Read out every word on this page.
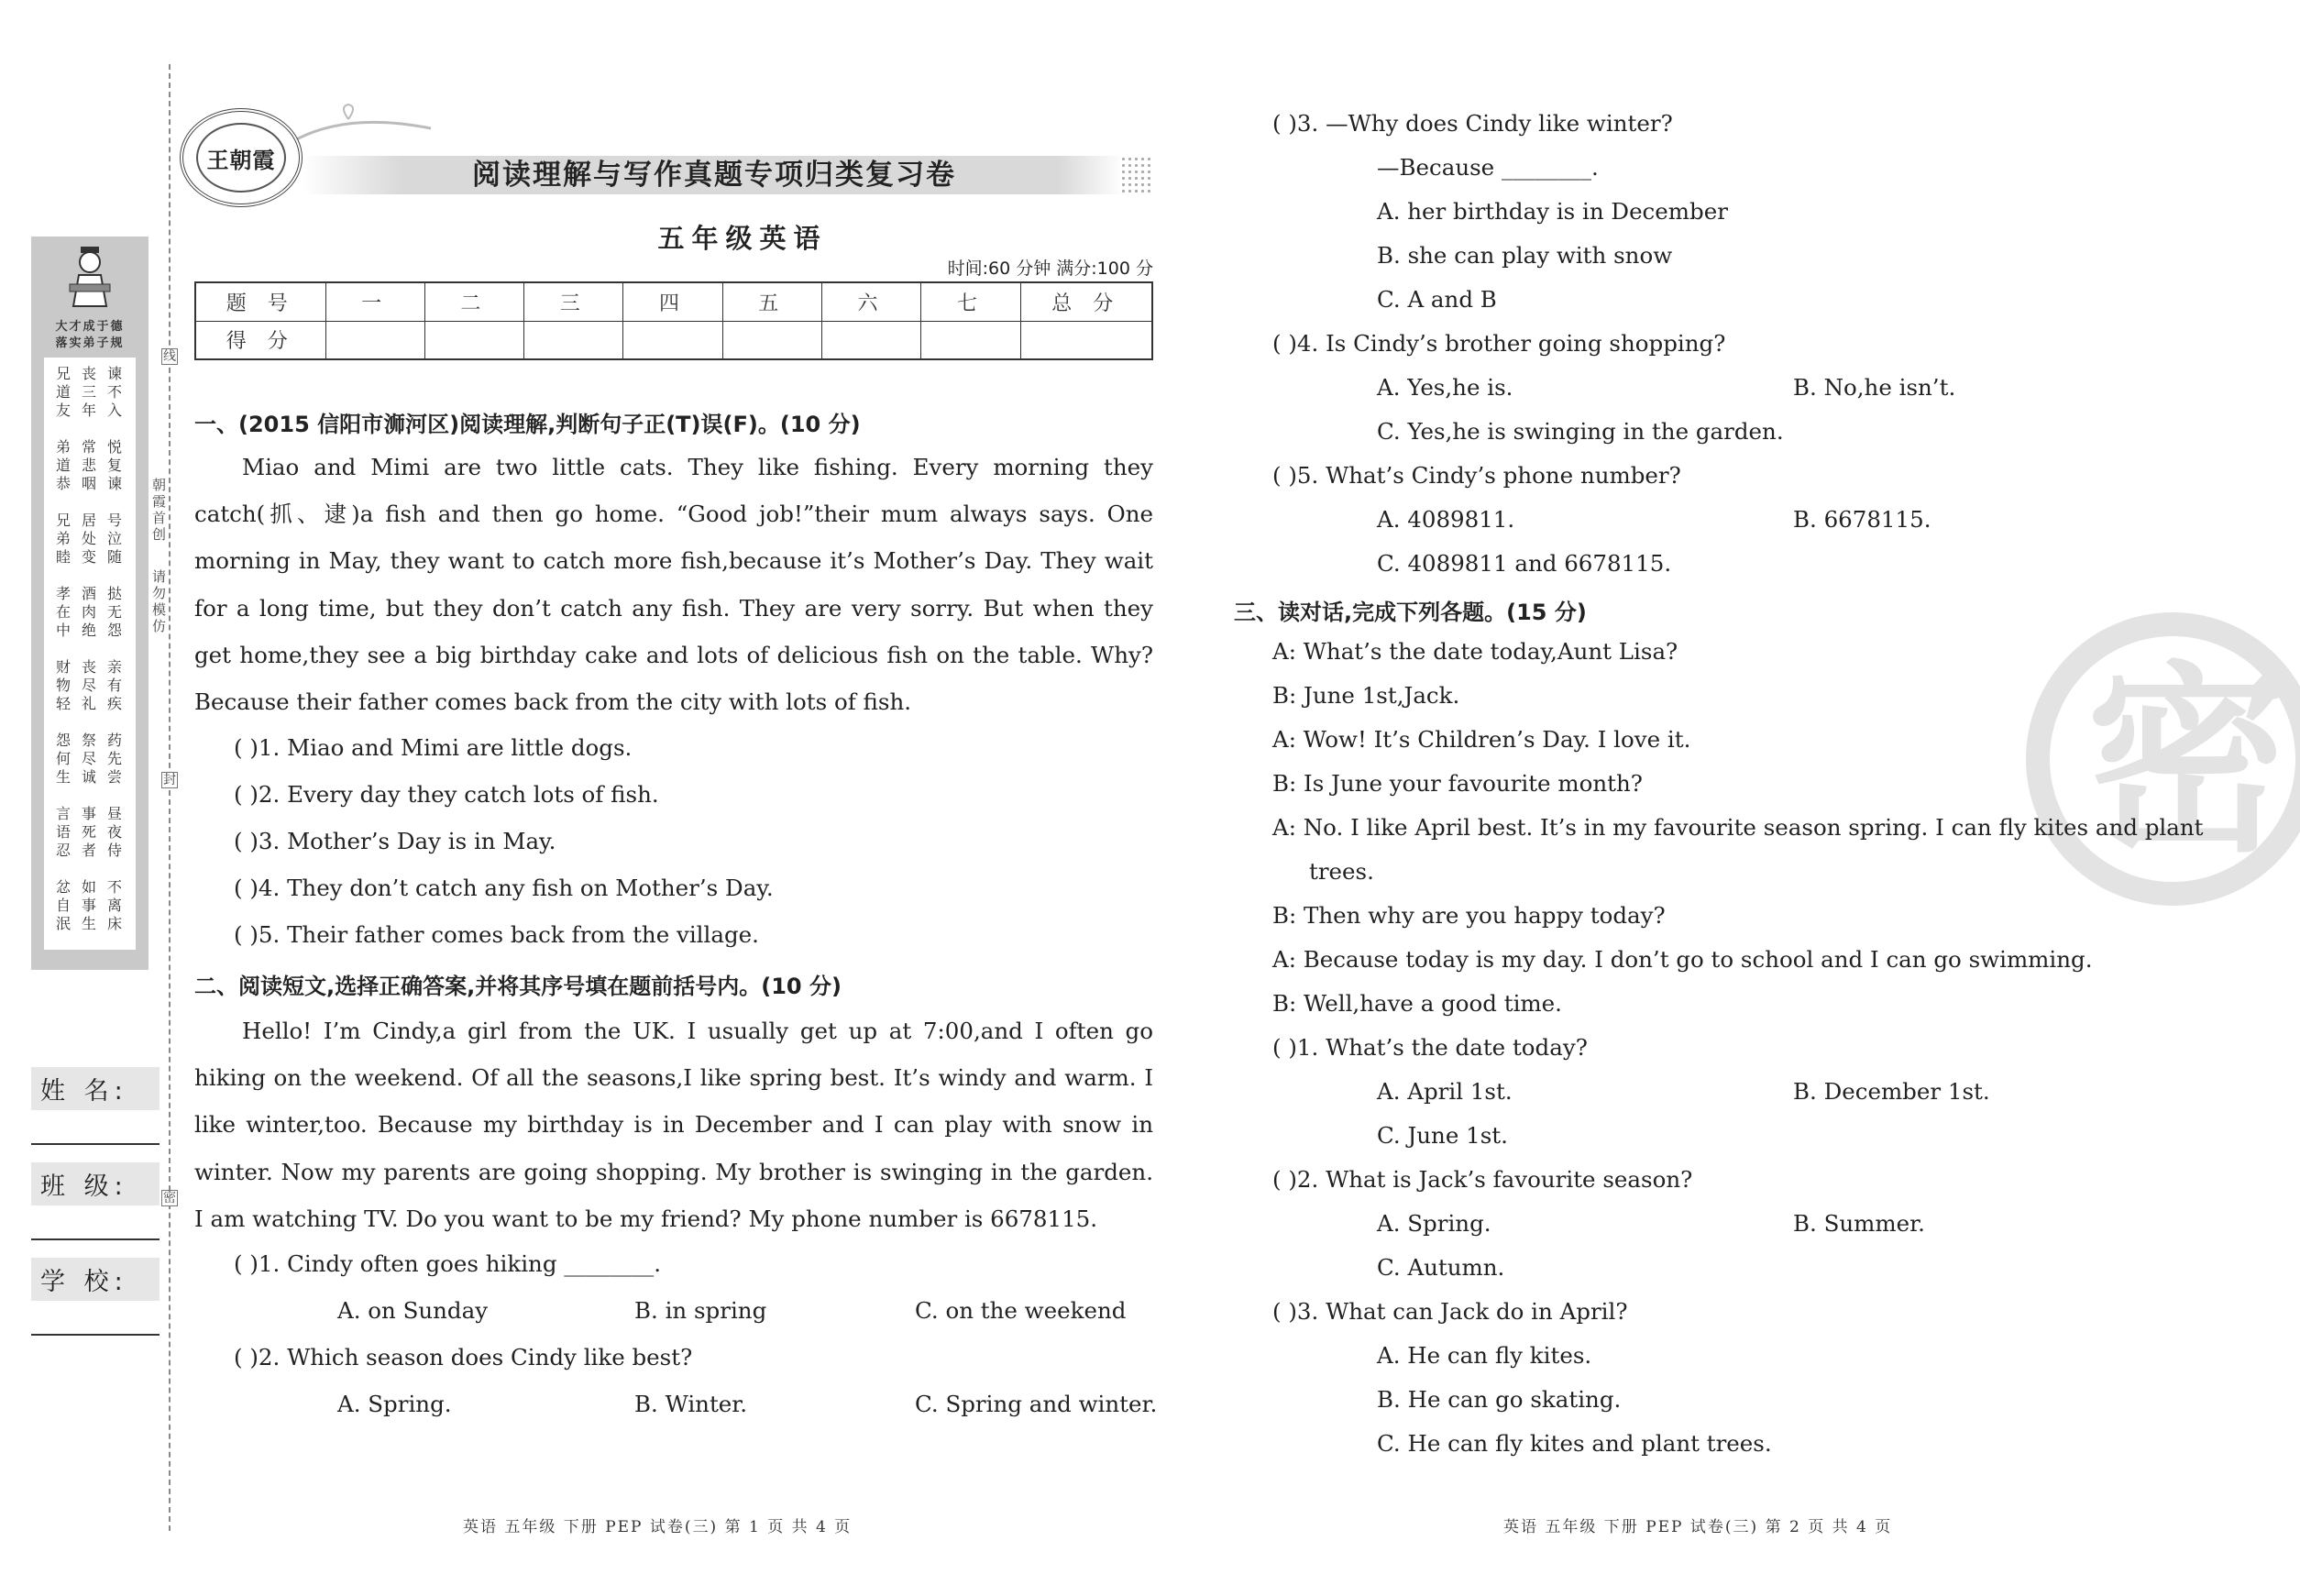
线
封
密
朝霞首创
请勿模仿
大才成于德
落实弟子规
兄 丧 谏
道 三 不
友 年 入
弟 常 悦
道 悲 复
恭 咽 谏
兄 居 号
弟 处 泣
睦 变 随
孝 酒 挞
在 肉 无
中 绝 怨
财 丧 亲
物 尽 有
轻 礼 疾
怨 祭 药
何 尽 先
生 诚 尝
言 事 昼
语 死 夜
忍 者 侍
忿 如 不
自 事 离
泯 生 床
姓 名:
班 级:
学 校:
王朝霞	阅读理解与写作真题专项归类复习卷
五年级英语
时间:60 分钟 满分:100 分
题 号	一	二	三	四	五	六	七	总 分
得 分								
一、(2015 信阳市浉河区)阅读理解,判断句子正(T)误(F)。(10 分)
Miao and Mimi are two little cats. They like fishing. Every morning they catch(抓、逮)a fish and then go home. “Good job!”their mum always says. One morning in May, they want to catch more fish,because it’s Mother’s Day. They wait for a long time, but they don’t catch any fish. They are very sorry. But when they get home,they see a big birthday cake and lots of delicious fish on the table. Why? Because their father comes back from the city with lots of fish.
( )1. Miao and Mimi are little dogs.
( )2. Every day they catch lots of fish.
( )3. Mother’s Day is in May.
( )4. They don’t catch any fish on Mother’s Day.
( )5. Their father comes back from the village.
二、阅读短文,选择正确答案,并将其序号填在题前括号内。(10 分)
Hello! I’m Cindy,a girl from the UK. I usually get up at 7:00,and I often go hiking on the weekend. Of all the seasons,I like spring best. It’s windy and warm. I like winter,too. Because my birthday is in December and I can play with snow in winter. Now my parents are going shopping. My brother is swinging in the garden. I am watching TV. Do you want to be my friend? My phone number is 6678115.
( )1. Cindy often goes hiking ________.
A. on Sunday	B. in spring	C. on the weekend
( )2. Which season does Cindy like best?
A. Spring.	B. Winter.	C. Spring and winter.
英语 五年级 下册 PEP 试卷(三) 第 1 页 共 4 页
密
( )3. —Why does Cindy like winter?
—Because ________.
A. her birthday is in December
B. she can play with snow
C. A and B
( )4. Is Cindy’s brother going shopping?
A. Yes,he is.	B. No,he isn’t.
C. Yes,he is swinging in the garden.
( )5. What’s Cindy’s phone number?
A. 4089811.	B. 6678115.
C. 4089811 and 6678115.
三、读对话,完成下列各题。(15 分)
A: What’s the date today,Aunt Lisa?
B: June 1st,Jack.
A: Wow! It’s Children’s Day. I love it.
B: Is June your favourite month?
A: No. I like April best. It’s in my favourite season spring. I can fly kites and plant
trees.
B: Then why are you happy today?
A: Because today is my day. I don’t go to school and I can go swimming.
B: Well,have a good time.
( )1. What’s the date today?
A. April 1st.	B. December 1st.
C. June 1st.
( )2. What is Jack’s favourite season?
A. Spring.	B. Summer.
C. Autumn.
( )3. What can Jack do in April?
A. He can fly kites.
B. He can go skating.
C. He can fly kites and plant trees.
英语 五年级 下册 PEP 试卷(三) 第 2 页 共 4 页
